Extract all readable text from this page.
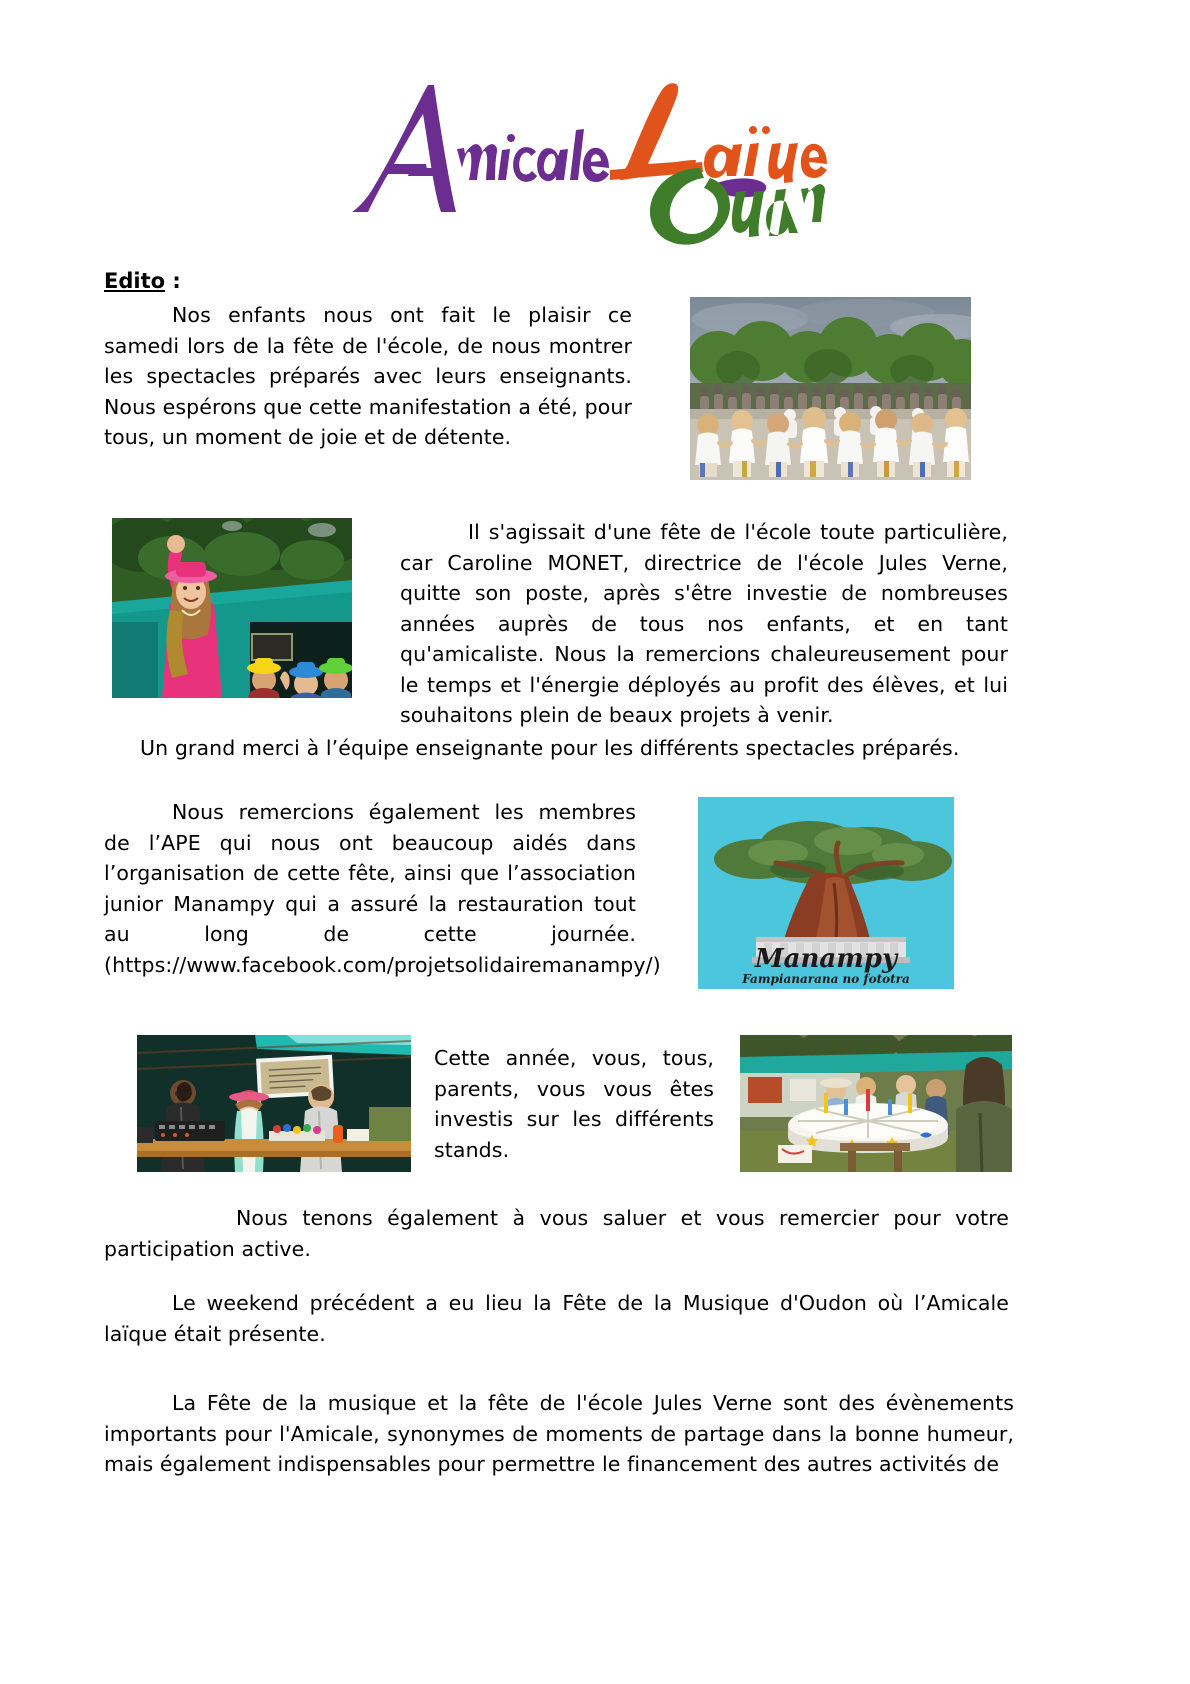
Edito :
Nos enfants nous ont fait le plaisir ce samedi lors de la fête de l'école, de nous montrer les spectacles préparés avec leurs enseignants. Nous espérons que cette manifestation a été, pour tous, un moment de joie et de détente.
Il s'agissait d'une fête de l'école toute particulière, car Caroline MONET, directrice de l'école Jules Verne, quitte son poste, après s'être investie de nombreuses années auprès de tous nos enfants, et en tant qu'amicaliste. Nous la remercions chaleureusement pour le temps et l'énergie déployés au profit des élèves, et lui souhaitons plein de beaux projets à venir.
Un grand merci à l’équipe enseignante pour les différents spectacles préparés.
Nous remercions également les membres de l’APE qui nous ont beaucoup aidés dans l’organisation de cette fête, ainsi que l’association junior Manampy qui a assuré la restauration tout au long de cette journée. (https://www.facebook.com/projetsolidairemanampy/)
Cette année, vous, tous, parents, vous vous êtes investis sur les différents stands.
Nous tenons également à vous saluer et vous remercier pour votre participation active.
Le weekend précédent a eu lieu la Fête de la Musique d'Oudon où l’Amicale laïque était présente.
La Fête de la musique et la fête de l'école Jules Verne sont des évènements importants pour l'Amicale, synonymes de moments de partage dans la bonne humeur, mais également indispensables pour permettre le financement des autres activités de
Manampy
Fampianarana no fototra
